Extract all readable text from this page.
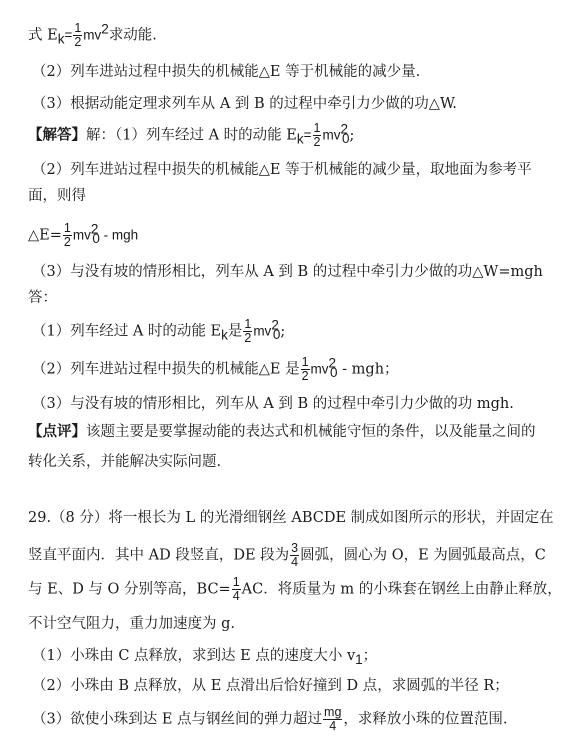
式 $E_k= \frac{1}{2} mv^2$求动能.
（2）列车进站过程中损失的机械能△E 等于机械能的减少量.
（3）根据动能定理求列车从 A 到 B 的过程中牵引力少做的功△W.
【解答】解：（1）列车经过 A 时的动能 $E_k= \frac{1}{2} mv^2_0$;
（2）列车进站过程中损失的机械能△E 等于机械能的减少量，取地面为参考平
面，则得
△E= $\frac{1}{2} mv^2_0$ - mgh
（3）与没有坡的情形相比，列车从 A 到 B 的过程中牵引力少做的功△W=mgh
答：
（1）列车经过 A 时的动能 $E_k$是 $\frac{1}{2} mv^2_0$;
（2）列车进站过程中损失的机械能△E 是 $\frac{1}{2} mv^2_0$ - mgh；
（3）与没有坡的情形相比，列车从 A 到 B 的过程中牵引力少做的功 mgh.
【点评】该题主要是要掌握动能的表达式和机械能守恒的条件，以及能量之间的
转化关系，并能解决实际问题.
29.（8 分）将一根长为 L 的光滑细钢丝 ABCDE 制成如图所示的形状，并固定在
竖直平面内．其中 AD 段竖直，DE 段为 $\frac{3}{4}$ 圆弧，圆心为 O，E 为圆弧最高点，C
与 E、D 与 O 分别等高，$BC= \frac{1}{4}$ AC．将质量为 m 的小珠套在钢丝上由静止释放，
不计空气阻力，重力加速度为 g.
（1）小珠由 C 点释放，求到达 E 点的速度大小 $v_1$；
（2）小珠由 B 点释放，从 E 点滑出后恰好撞到 D 点，求圆弧的半径 R；
（3）欲使小珠到达 E 点与钢丝间的弹力超过 $\frac{mg}{4}$ ，求释放小珠的位置范围.
